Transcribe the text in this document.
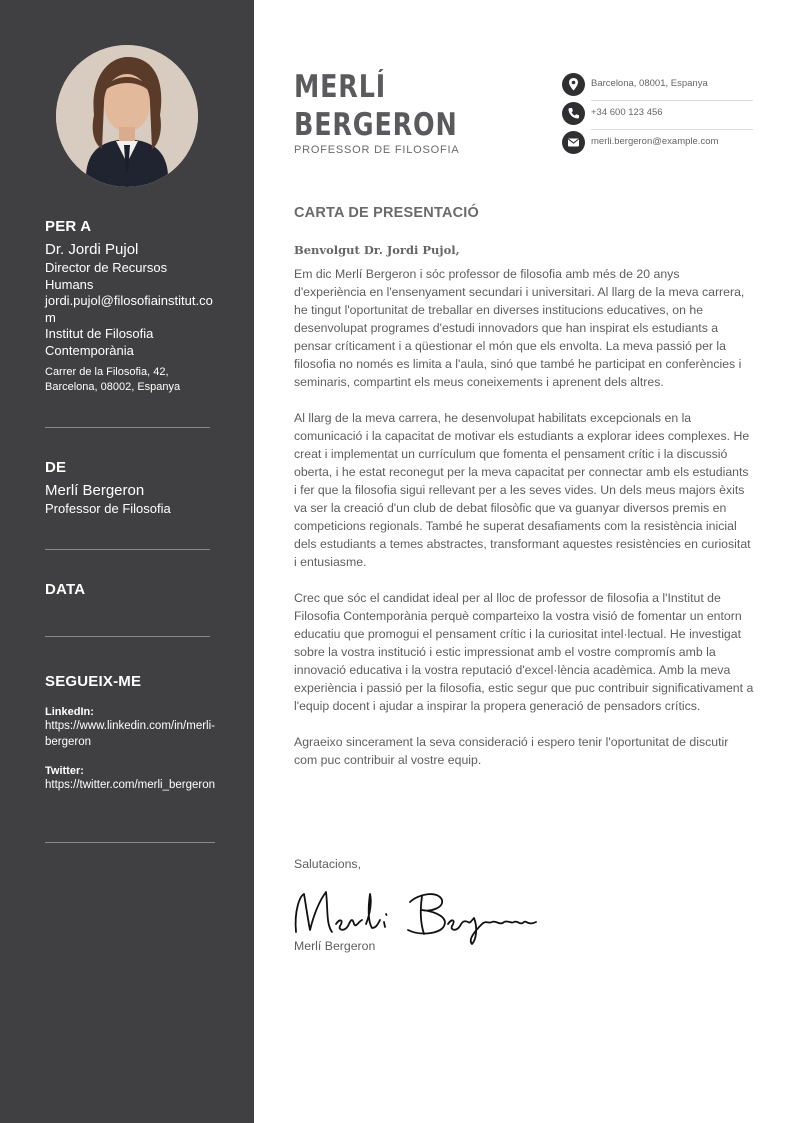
PER A
Dr. Jordi Pujol
Director de Recursos Humans
jordi.pujol@filosofiainstitut.com
Institut de Filosofia Contemporània
Carrer de la Filosofia, 42, Barcelona, 08002, Espanya
DE
Merlí Bergeron
Professor de Filosofia
DATA
SEGUEIX-ME
LinkedIn:
https://www.linkedin.com/in/merli-bergeron
Twitter:
https://twitter.com/merli_bergeron
MERLÍ
BERGERON
PROFESSOR DE FILOSOFIA
Barcelona, 08001, Espanya
+34 600 123 456
merli.bergeron@example.com
CARTA DE PRESENTACIÓ
Benvolgut Dr. Jordi Pujol,

Em dic Merlí Bergeron i sóc professor de filosofia amb més de 20 anys d'experiència en l'ensenyament secundari i universitari. Al llarg de la meva carrera, he tingut l'oportunitat de treballar en diverses institucions educatives, on he desenvolupat programes d'estudi innovadors que han inspirat els estudiants a pensar críticament i a qüestionar el món que els envolta. La meva passió per la filosofia no només es limita a l'aula, sinó que també he participat en conferències i seminaris, compartint els meus coneixements i aprenent dels altres.

Al llarg de la meva carrera, he desenvolupat habilitats excepcionals en la comunicació i la capacitat de motivar els estudiants a explorar idees complexes. He creat i implementat un currículum que fomenta el pensament crític i la discussió oberta, i he estat reconegut per la meva capacitat per connectar amb els estudiants i fer que la filosofia sigui rellevant per a les seves vides. Un dels meus majors èxits va ser la creació d'un club de debat filosòfic que va guanyar diversos premis en competicions regionals. També he superat desafiaments com la resistència inicial dels estudiants a temes abstractes, transformant aquestes resistències en curiositat i entusiasme.

Crec que sóc el candidat ideal per al lloc de professor de filosofia a l'Institut de Filosofia Contemporània perquè comparteixo la vostra visió de fomentar un entorn educatiu que promogui el pensament crític i la curiositat intel·lectual. He investigat sobre la vostra institució i estic impressionat amb el vostre compromís amb la innovació educativa i la vostra reputació d'excel·lència acadèmica. Amb la meva experiència i passió per la filosofia, estic segur que puc contribuir significativament a l'equip docent i ajudar a inspirar la propera generació de pensadors crítics.

Agraeixo sincerament la seva consideració i espero tenir l'oportunitat de discutir com puc contribuir al vostre equip.

Salutacions,
Merlí Bergeron
